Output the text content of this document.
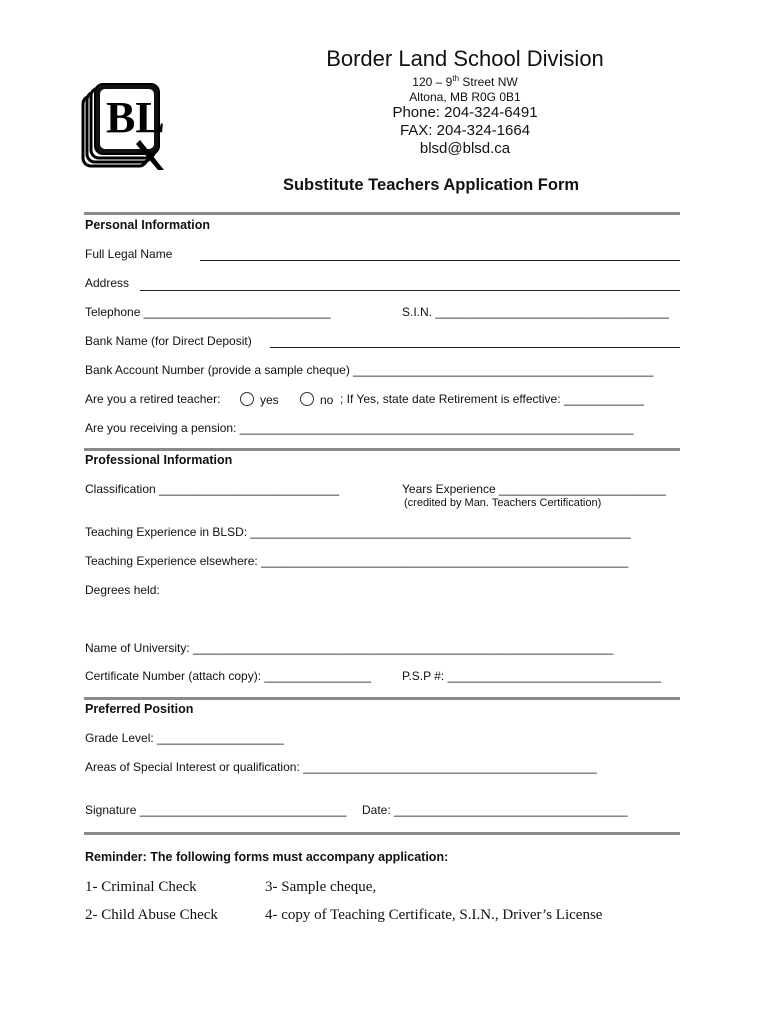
BL
Border Land School Division
120 – 9th Street NW
Altona, MB R0G 0B1
Phone: 204-324-6491
FAX: 204-324-1664
blsd@blsd.ca
Substitute Teachers Application Form
Personal Information
Full Legal Name
Address
Telephone ____________________________	S.I.N. ___________________________________
Bank Name (for Direct Deposit)
Bank Account Number (provide a sample cheque) _____________________________________________
Are you a retired teacher:	yes	no ; If Yes, state date Retirement is effective: ____________
Are you receiving a pension: ___________________________________________________________
Professional Information
Classification ___________________________	Years Experience _________________________
(credited by Man. Teachers Certification)
Teaching Experience in BLSD: _________________________________________________________
Teaching Experience elsewhere: _______________________________________________________
Degrees held:
Name of University: _______________________________________________________________
Certificate Number (attach copy): ________________	P.S.P #: ________________________________
Preferred Position
Grade Level: ___________________
Areas of Special Interest or qualification: ____________________________________________
Signature _______________________________ Date: ___________________________________
Reminder: The following forms must accompany application:
1- Criminal Check	3- Sample cheque,
2- Child Abuse Check	4- copy of Teaching Certificate, S.I.N., Driver’s License
